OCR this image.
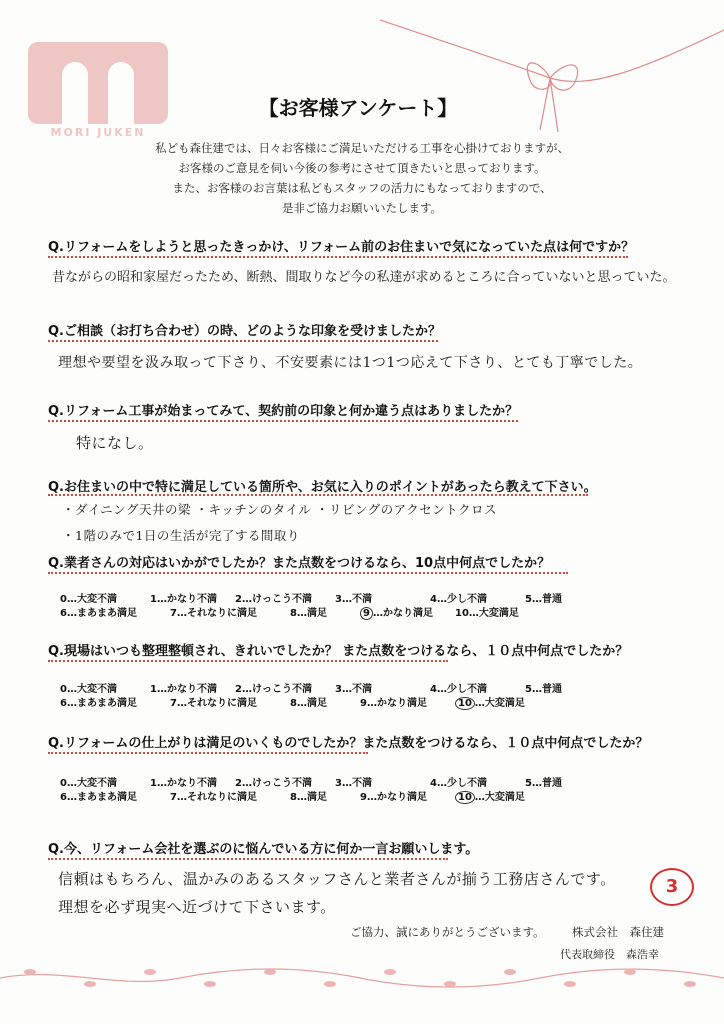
MORI JUKEN
【お客様アンケート】
私ども森住建では、日々お客様にご満足いただける工事を心掛けておりますが、
お客様のご意見を伺い今後の参考にさせて頂きたいと思っております。
また、お客様のお言葉は私どもスタッフの活力にもなっておりますので、
是非ご協力お願いいたします。
Q.リフォームをしようと思ったきっかけ、リフォーム前のお住まいで気になっていた点は何ですか？
昔ながらの昭和家屋だったため、断熱、間取りなど今の私達が求めるところに合っていないと思っていた。
Q.ご相談（お打ち合わせ）の時、どのような印象を受けましたか？
理想や要望を汲み取って下さり、不安要素には1つ1つ応えて下さり、とても丁寧でした。
Q.リフォーム工事が始まってみて、契約前の印象と何か違う点はありましたか？
特になし。
Q.お住まいの中で特に満足している箇所や、お気に入りのポイントがあったら教えて下さい。
・ダイニング天井の梁 ・キッチンのタイル ・リビングのアクセントクロス
・1階のみで1日の生活が完了する間取り
Q.業者さんの対応はいかがでしたか？また点数をつけるなら、10点中何点でしたか？
0…大変不満	1…かなり不満 2…けっこう不満 3…不満	4…少し不満	5…普通
6…まあまあ満足	7…それなりに満足	8…満足	9 …かなり満足 10…大変満足
Q.現場はいつも整理整頓され、きれいでしたか？ また点数をつけるなら、１０点中何点でしたか？
0…大変不満	1…かなり不満 2…けっこう不満 3…不満	4…少し不満	5…普通
6…まあまあ満足	7…それなりに満足	8…満足	9…かなり満足	10 …大変満足
Q.リフォームの仕上がりは満足のいくものでしたか？また点数をつけるなら、１０点中何点でしたか？
0…大変不満	1…かなり不満 2…けっこう不満 3…不満	4…少し不満	5…普通
6…まあまあ満足	7…それなりに満足	8…満足	9…かなり満足	10 …大変満足
Q.今、リフォーム会社を選ぶのに悩んでいる方に何か一言お願いします。
信頼はもちろん、温かみのあるスタッフさんと業者さんが揃う工務店さんです。
理想を必ず現実へ近づけて下さいます。
3
ご協力、誠にありがとうございます。 株式会社　森住建
代表取締役　森浩幸
